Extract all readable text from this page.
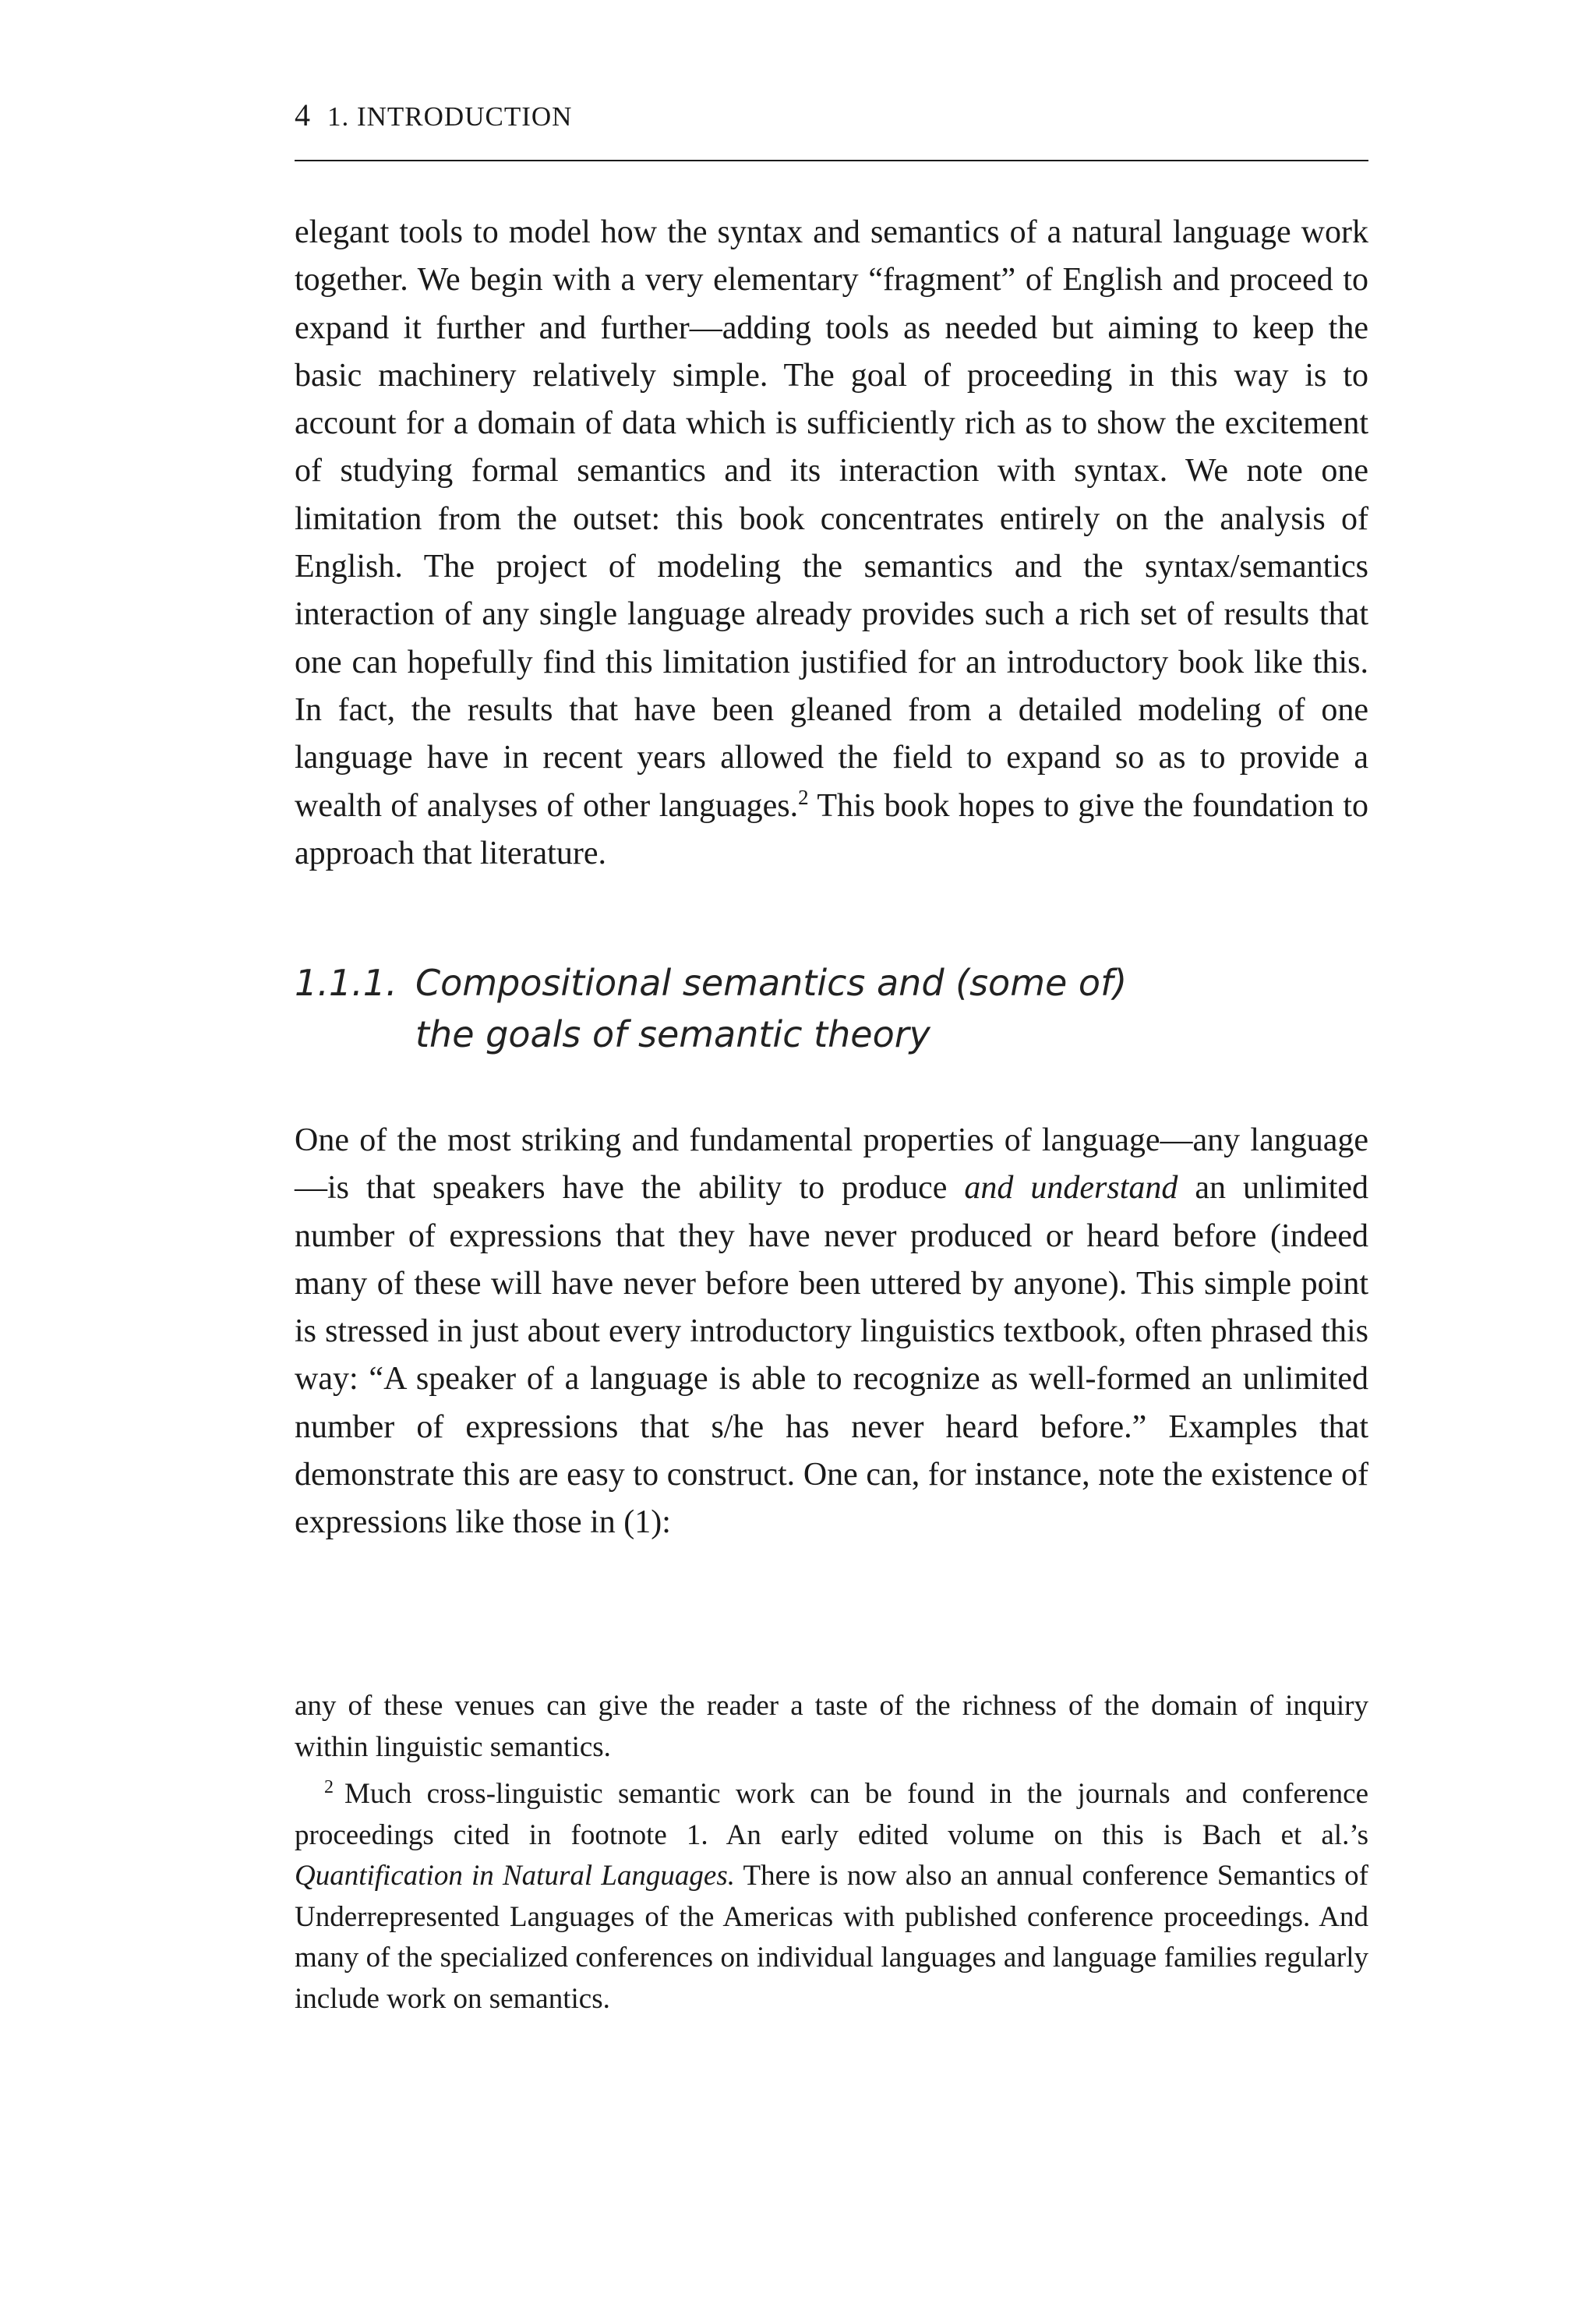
4 1. INTRODUCTION

elegant tools to model how the syntax and semantics of a natural language work together. We begin with a very elementary “fragment” of English and proceed to expand it further and further—adding tools as needed but aiming to keep the basic machinery relatively simple. The goal of proceeding in this way is to account for a domain of data which is sufficiently rich as to show the excitement of studying formal semantics and its interaction with syntax. We note one limitation from the outset: this book concentrates entirely on the analysis of English. The project of modeling the semantics and the syntax/semantics interaction of any single language already provides such a rich set of results that one can hopefully find this limitation justified for an introductory book like this. In fact, the results that have been gleaned from a detailed modeling of one language have in recent years allowed the field to expand so as to provide a wealth of analyses of other languages.$^2$ This book hopes to give the foundation to approach that literature.

1.1.1. Compositional semantics and (some of)
the goals of semantic theory

One of the most striking and fundamental properties of language—any language—is that speakers have the ability to produce and understand an unlimited number of expressions that they have never produced or heard before (indeed many of these will have never before been uttered by anyone). This simple point is stressed in just about every introductory linguistics textbook, often phrased this way: “A speaker of a language is able to recognize as well-formed an unlimited number of expressions that s/he has never heard before.” Examples that demonstrate this are easy to construct. One can, for instance, note the existence of expressions like those in (1):

any of these venues can give the reader a taste of the richness of the domain of inquiry within linguistic semantics.

$^2$ Much cross-linguistic semantic work can be found in the journals and conference proceedings cited in footnote 1. An early edited volume on this is Bach et al.’s Quantification in Natural Languages. There is now also an annual conference Semantics of Underrepresented Languages of the Americas with published conference proceedings. And many of the specialized conferences on individual languages and language families regularly include work on semantics.
